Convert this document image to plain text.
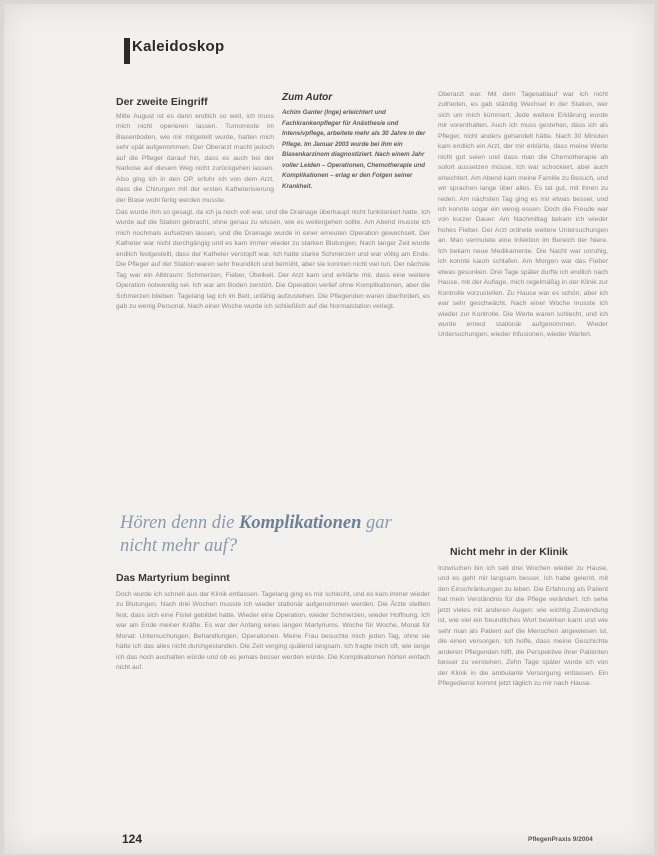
Kaleidoskop
Der zweite Eingriff

Mitte August ist es dann endlich so weit, ich muss mich nicht operieren lassen. Tumorreste im Blasenboden, wie mir mitgeteilt wurde, hatten mich sehr spät aufgenommen. Der Oberarzt macht jedoch auf die Pfleger darauf hin, dass es auch bei der Narkose auf diesem Weg nicht zurückgehen lassen. Also ging ich in den OP, erfuhr ich von dem Arzt, dass die Chirurgen mit der ersten Katheterisierung der Blase wohl fertig werden musste.

Zum Autor
Achim Ganter (Inge) erleichtert und Fachkrankenpfleger für Anästhesie und Intensivpflege, arbeitete mehr als 30 Jahre in der Pflege. Im Januar 2003 wurde bei ihm ein Blasenkarzinom diagnostiziert. Nach einem Jahr voller Leiden – Operationen, Chemotherapie und Komplikationen – erlag er den Folgen seiner Krankheit.

Das wurde ihm so gesagt, da ich ja noch voll war, und die Drainage überhaupt nicht funktioniert hatte. Ich wurde auf die Station gebracht, ohne genau zu wissen, wie es weitergehen sollte. Am Abend musste ich mich nochmals aufsetzen lassen, und die Drainage wurde in einer erneuten Operation gewechselt. Der Katheter war nicht durchgängig und es kam immer wieder zu starken Blutungen. Nach langer Zeit wurde endlich festgestellt, dass der Katheter verstopft war. Ich hatte starke Schmerzen und war völlig am Ende. Die Pfleger auf der Station waren sehr freundlich und bemüht, aber sie konnten nicht viel tun. Der nächste Tag war ein Albtraum: Schmerzen, Fieber, Übelkeit. Der Arzt kam und erklärte mir, dass eine weitere Operation notwendig sei. Ich war am Boden zerstört. Die Operation verlief ohne Komplikationen, aber die Schmerzen blieben. Tagelang lag ich im Bett, unfähig aufzustehen. Die Pflegenden waren überfordert, es gab zu wenig Personal. Nach einer Woche wurde ich schließlich auf die Normalstation verlegt.

Hören denn die Komplikationen gar nicht mehr auf?
Das Martyrium beginnt

Doch wurde ich schnell aus der Klinik entlassen. Tagelang ging es mir schlecht, und es kam immer wieder zu Blutungen. Nach drei Wochen musste ich wieder stationär aufgenommen werden. Die Ärzte stellten fest, dass sich eine Fistel gebildet hatte. Wieder eine Operation, wieder Schmerzen, wieder Hoffnung. Ich war am Ende meiner Kräfte. Es war der Anfang eines langen Martyriums. Woche für Woche, Monat für Monat: Untersuchungen, Behandlungen, Operationen. Meine Frau besuchte mich jeden Tag, ohne sie hätte ich das alles nicht durchgestanden. Die Zeit verging quälend langsam. Ich fragte mich oft, wie lange ich das noch aushalten würde und ob es jemals besser werden würde. Die Komplikationen hörten einfach nicht auf.

Oberarzt war. Mit dem Tagesablauf war ich nicht zufrieden, es gab ständig Wechsel in der Station, wer sich um mich kümmert. Jede weitere Erklärung wurde mir vorenthalten. Auch ich muss gestehen, dass ich als Pfleger, nicht anders gehandelt hätte. Nach 30 Minuten kam endlich ein Arzt, der mir erklärte, dass meine Werte nicht gut seien und dass man die Chemotherapie ab sofort aussetzen müsse. Ich war schockiert, aber auch erleichtert. Am Abend kam meine Familie zu Besuch, und wir sprachen lange über alles. Es tat gut, mit ihnen zu reden. Am nächsten Tag ging es mir etwas besser, und ich konnte sogar ein wenig essen. Doch die Freude war von kurzer Dauer: Am Nachmittag bekam ich wieder hohes Fieber. Der Arzt ordnete weitere Untersuchungen an. Man vermutete eine Infektion im Bereich der Niere. Ich bekam neue Medikamente. Die Nacht war unruhig, ich konnte kaum schlafen. Am Morgen war das Fieber etwas gesunken. Drei Tage später durfte ich endlich nach Hause, mit der Auflage, mich regelmäßig in der Klinik zur Kontrolle vorzustellen. Zu Hause war es schön, aber ich war sehr geschwächt. Nach einer Woche musste ich wieder zur Kontrolle. Die Werte waren schlecht, und ich wurde erneut stationär aufgenommen. Wieder Untersuchungen, wieder Infusionen, wieder Warten.

Nicht mehr in der Klinik

Inzwischen bin ich seit drei Wochen wieder zu Hause, und es geht mir langsam besser. Ich habe gelernt, mit den Einschränkungen zu leben. Die Erfahrung als Patient hat mein Verständnis für die Pflege verändert. Ich sehe jetzt vieles mit anderen Augen: wie wichtig Zuwendung ist, wie viel ein freundliches Wort bewirken kann und wie sehr man als Patient auf die Menschen angewiesen ist, die einen versorgen. Ich hoffe, dass meine Geschichte anderen Pflegenden hilft, die Perspektive ihrer Patienten besser zu verstehen. Zehn Tage später wurde ich von der Klinik in die ambulante Versorgung entlassen. Ein Pflegedienst kommt jetzt täglich zu mir nach Hause.

124	PflegenPraxis 9/2004
